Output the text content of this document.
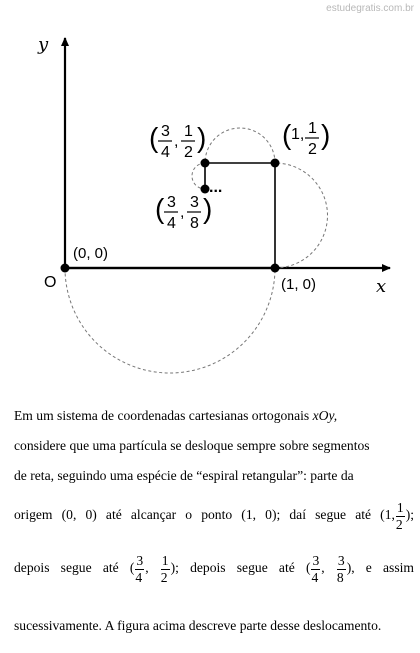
estudegratis.com.br
...
y
x
O
(0, 0)
(1, 0)
( 1, 1
2 )
( 3
4
,
1
2 )
( 3
4
,
3
8 )
Em um sistema de coordenadas cartesianas ortogonais xOy,
considere que uma partícula se desloque sempre sobre segmentos
de reta, seguindo uma espécie de “espiral retangular”: parte da
origem (0, 0) até alcançar o ponto (1, 0); daí segue até (1, $\frac{1}{2}$ );
depois segue até ( $\frac{3}{4}$ , $\frac{1}{2}$ ); depois segue até ( $\frac{3}{4}$ , $\frac{3}{8}$ ), e assim
sucessivamente. A figura acima descreve parte desse deslocamento.
